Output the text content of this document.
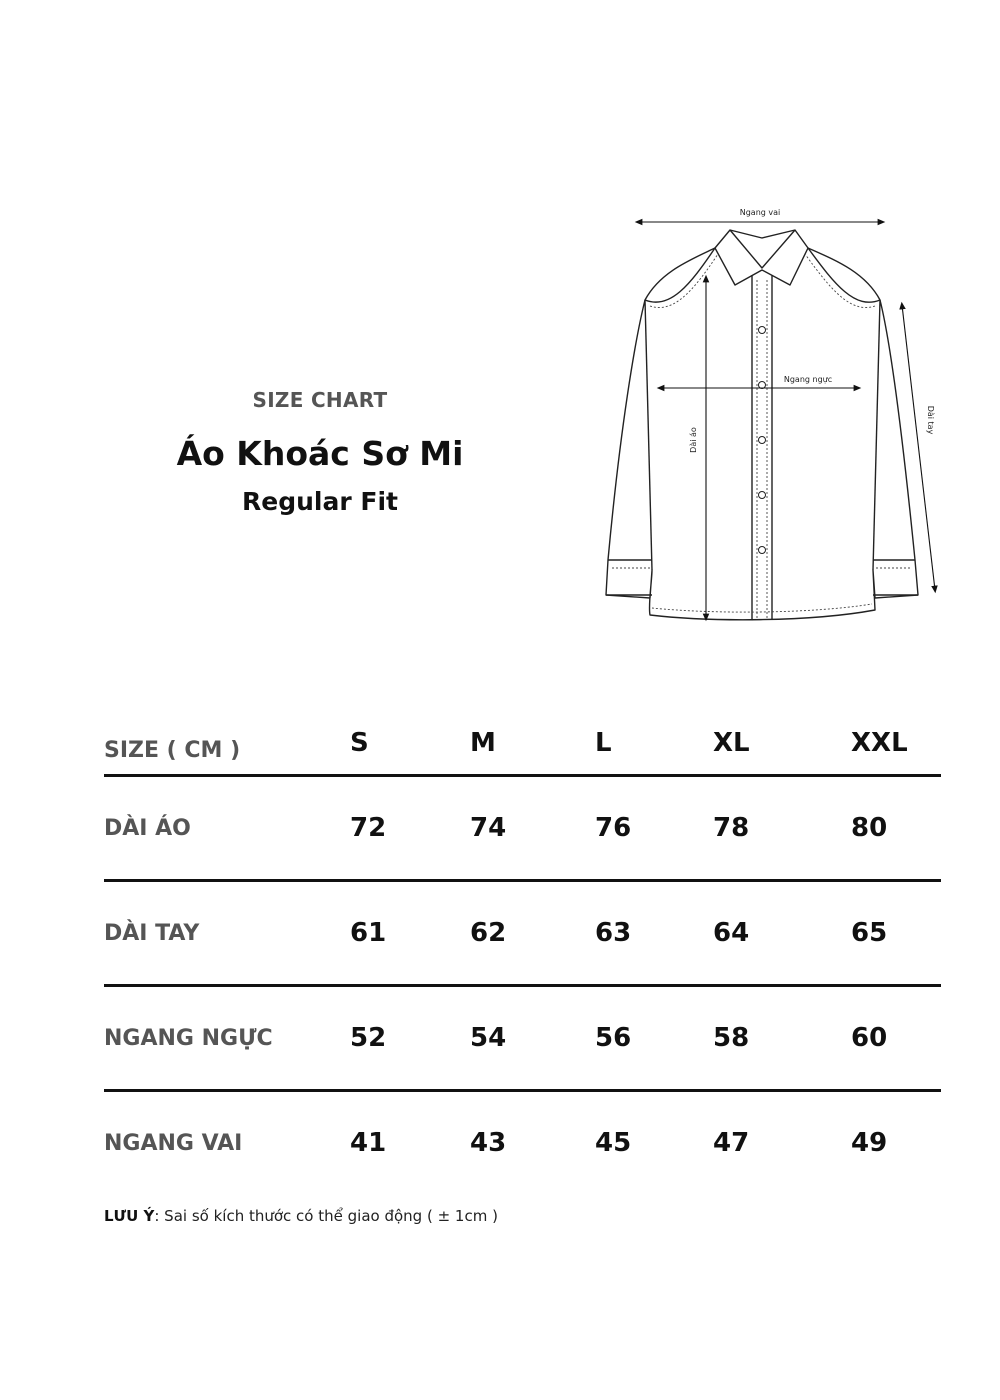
SIZE CHART
Áo Khoác Sơ Mi
Regular Fit
Ngang vai
Ngang ngực
Dài áo
Dài tay
SIZE ( CM )	S	M	L	XL	XXL
DÀI ÁO	72	74	76	78	80
DÀI TAY	61	62	63	64	65
NGANG NGỰC	52	54	56	58	60
NGANG VAI	41	43	45	47	49
LƯU Ý: Sai số kích thước có thể giao động ( ± 1cm )
